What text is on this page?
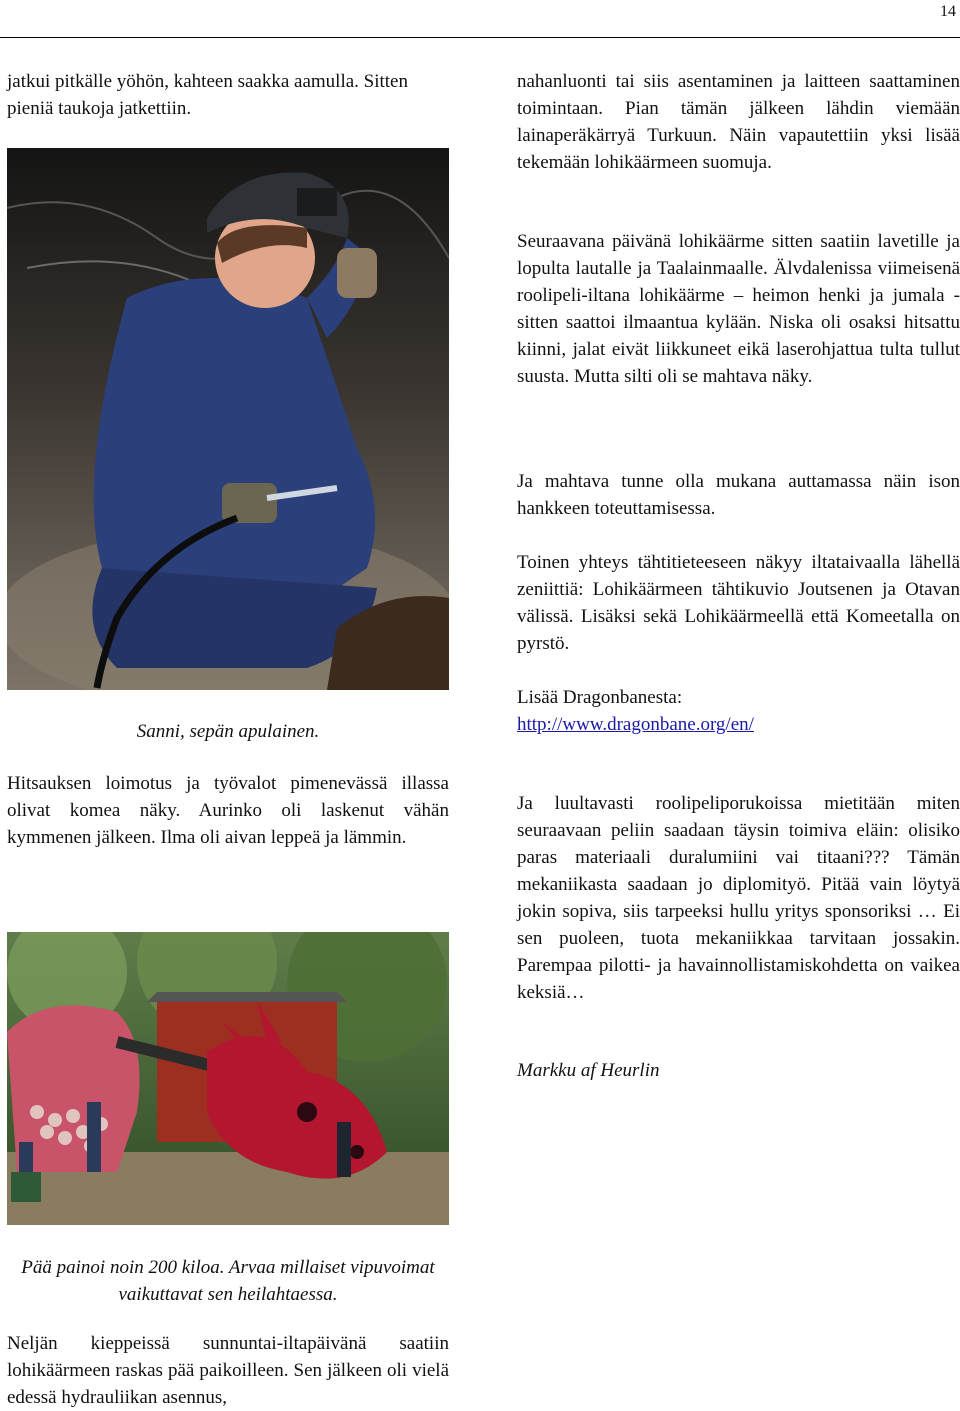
14

jatkui pitkälle yöhön, kahteen saakka aamulla. Sitten pieniä taukoja jatkettiin.

Sanni, sepän apulainen.

Hitsauksen loimotus ja työvalot pimenevässä illassa olivat komea näky. Aurinko oli laskenut vähän kymmenen jälkeen. Ilma oli aivan leppeä ja lämmin.

Pää painoi noin 200 kiloa. Arvaa millaiset vipuvoimat vaikuttavat sen heilahtaessa.

Neljän kieppeissä sunnuntai-iltapäivänä saatiin lohikäärmeen raskas pää paikoilleen. Sen jälkeen oli vielä edessä hydrauliikan asennus,

nahanluonti tai siis asentaminen ja laitteen saattaminen toimintaan. Pian tämän jälkeen lähdin viemään lainaperäkärryä Turkuun. Näin vapautettiin yksi lisää tekemään lohikäärmeen suomuja.

Seuraavana päivänä lohikäärme sitten saatiin lavetille ja lopulta lautalle ja Taalainmaalle. Älvdalenissa viimeisenä roolipeli-iltana lohikäärme – heimon henki ja jumala - sitten saattoi ilmaantua kylään. Niska oli osaksi hitsattu kiinni, jalat eivät liikkuneet eikä laserohjattua tulta tullut suusta. Mutta silti oli se mahtava näky.

Ja mahtava tunne olla mukana auttamassa näin ison hankkeen toteuttamisessa.

Toinen yhteys tähtitieteeseen näkyy iltataivaalla lähellä zeniittiä: Lohikäärmeen tähtikuvio Joutsenen ja Otavan välissä. Lisäksi sekä Lohikäärmeellä että Komeetalla on pyrstö.

Lisää Dragonbanesta:
http://www.dragonbane.org/en/

Ja luultavasti roolipeliporukoissa mietitään miten seuraavaan peliin saadaan täysin toimiva eläin: olisiko paras materiaali duralumiini vai titaani??? Tämän mekaniikasta saadaan jo diplomityö. Pitää vain löytyä jokin sopiva, siis tarpeeksi hullu yritys sponsoriksi … Ei sen puoleen, tuota mekaniikkaa tarvitaan jossakin. Parempaa pilotti- ja havainnollistamiskohdetta on vaikea keksiä…

Markku af Heurlin
